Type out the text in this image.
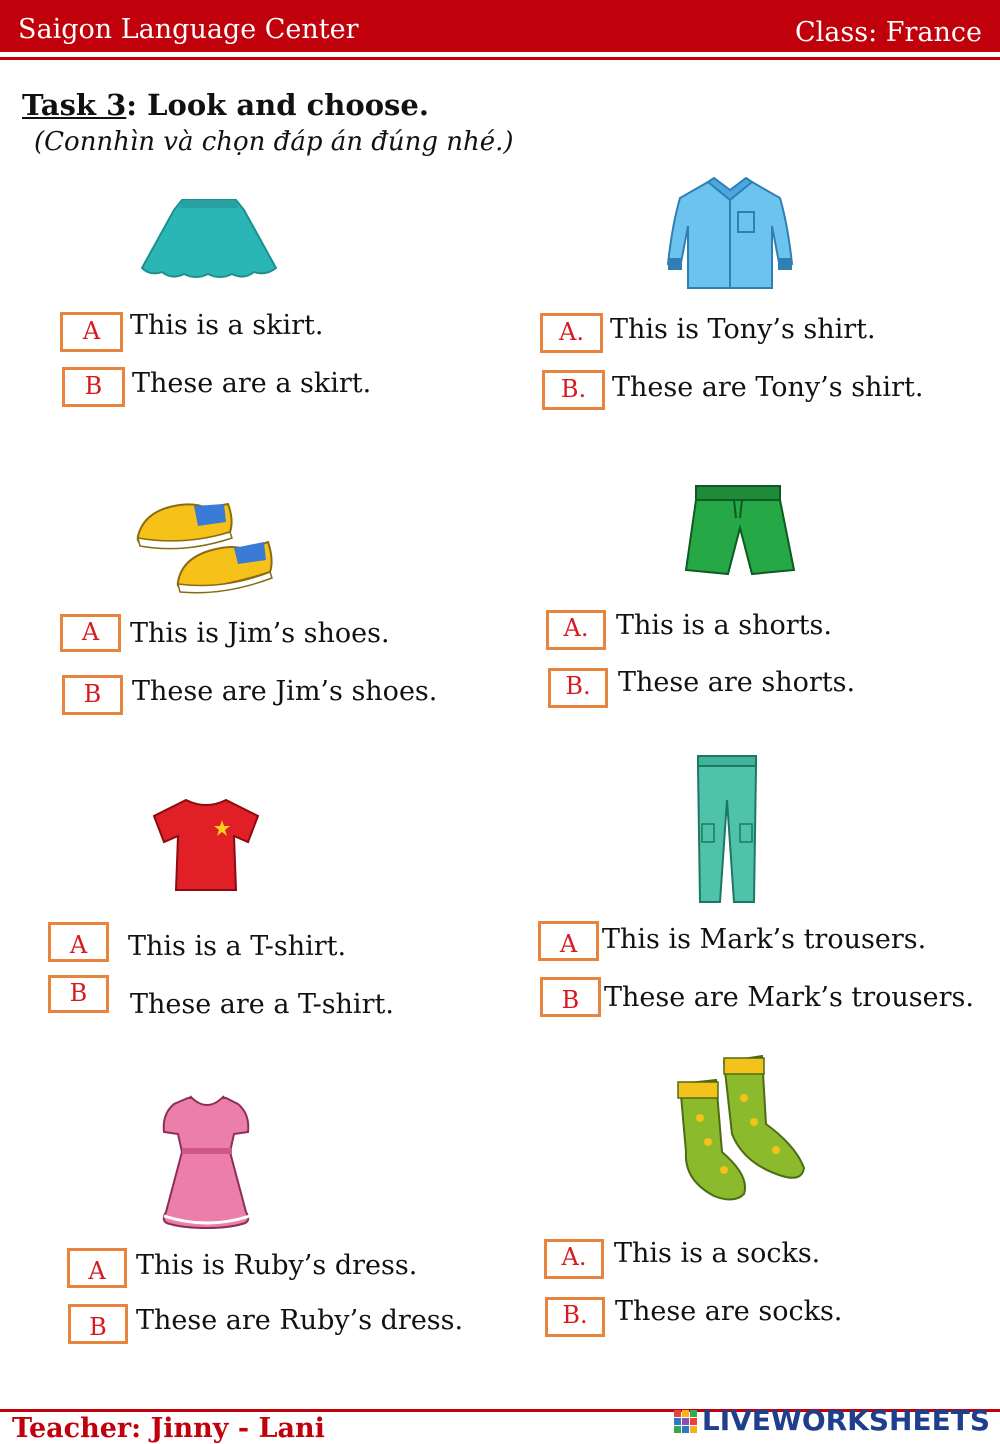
Saigon Language Center	Class: France
Task 3: Look and choose.
(Connhìn và chọn đáp án đúng nhé.)
A	This is a skirt.
B	These are a skirt.
A. This is Tony’s shirt.
B. These are Tony’s shirt.
A	This is Jim’s shoes.
B	These are Jim’s shoes.
A.	This is a shorts.
B.	These are shorts.
A	This is a T-shirt.
B	These are a T-shirt.
A This is Mark’s trousers.
B These are Mark’s trousers.
A	This is Ruby’s dress.
B	These are Ruby’s dress.
A.	This is a socks.
B.	These are socks.
Teacher: Jinny - Lani	LIVEWORKSHEETS
